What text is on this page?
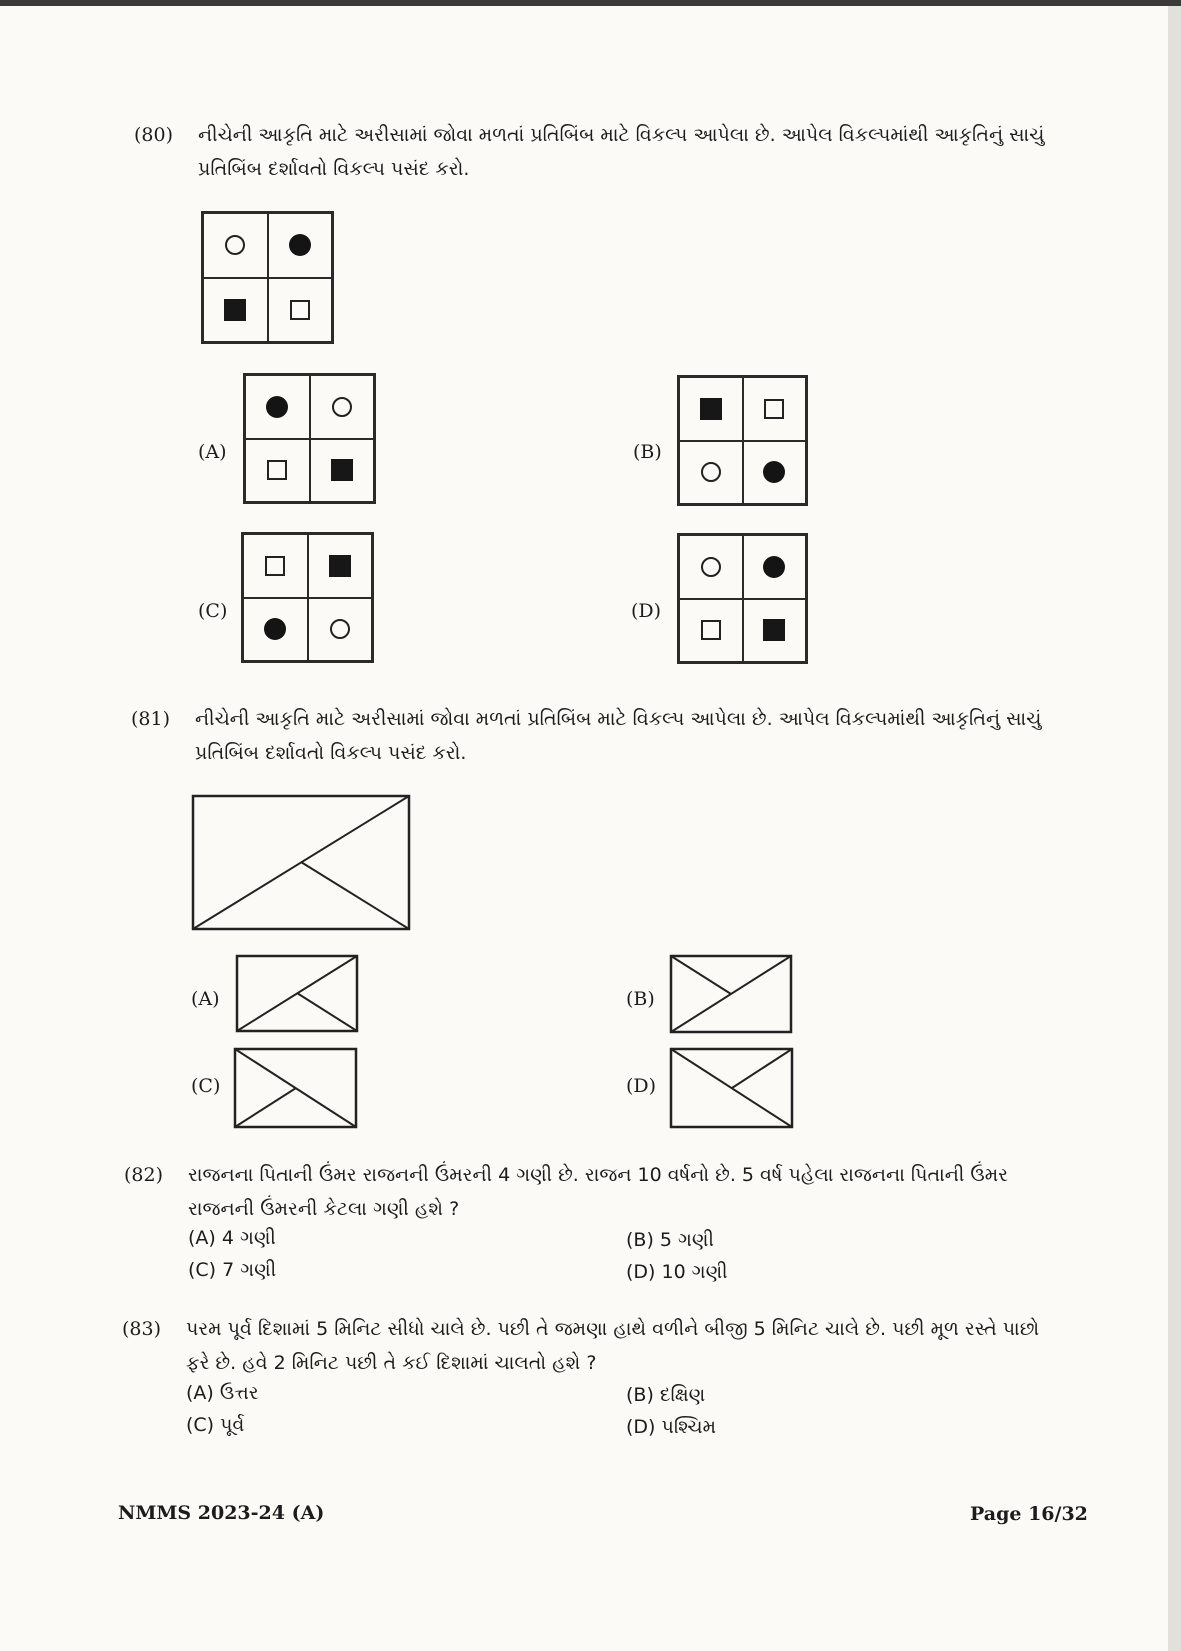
(80) નીચેની આકૃતિ માટે અરીસામાં જોવા મળતાં પ્રતિબિંબ માટે વિકલ્પ આપેલા છે. આપેલ વિકલ્પમાંથી આકૃતિનું સાચું
પ્રતિબિંબ દર્શાવતો વિકલ્પ પસંદ કરો.
(A)	(B)
(C)	(D)
(81) નીચેની આકૃતિ માટે અરીસામાં જોવા મળતાં પ્રતિબિંબ માટે વિકલ્પ આપેલા છે. આપેલ વિકલ્પમાંથી આકૃતિનું સાચું
પ્રતિબિંબ દર્શાવતો વિકલ્પ પસંદ કરો.
(A)	(B)
(C)	(D)
(82) રાજનના પિતાની ઉંમર રાજનની ઉંમરની 4 ગણી છે. રાજન 10 વર્ષનો છે. 5 વર્ષ પહેલા રાજનના પિતાની ઉંમર
રાજનની ઉંમરની કેટલા ગણી હશે ?
(A) 4 ગણી	(B) 5 ગણી
(C) 7 ગણી	(D) 10 ગણી
(83) પરમ પૂર્વ દિશામાં 5 મિનિટ સીધો ચાલે છે. પછી તે જમણા હાથે વળીને બીજી 5 મિનિટ ચાલે છે. પછી મૂળ રસ્તે પાછો
ફરે છે. હવે 2 મિનિટ પછી તે કઈ દિશામાં ચાલતો હશે ?
(A) ઉત્તર	(B) દક્ષિણ
(C) પૂર્વ	(D) પશ્ચિમ
NMMS 2023-24 (A)	Page 16/32
